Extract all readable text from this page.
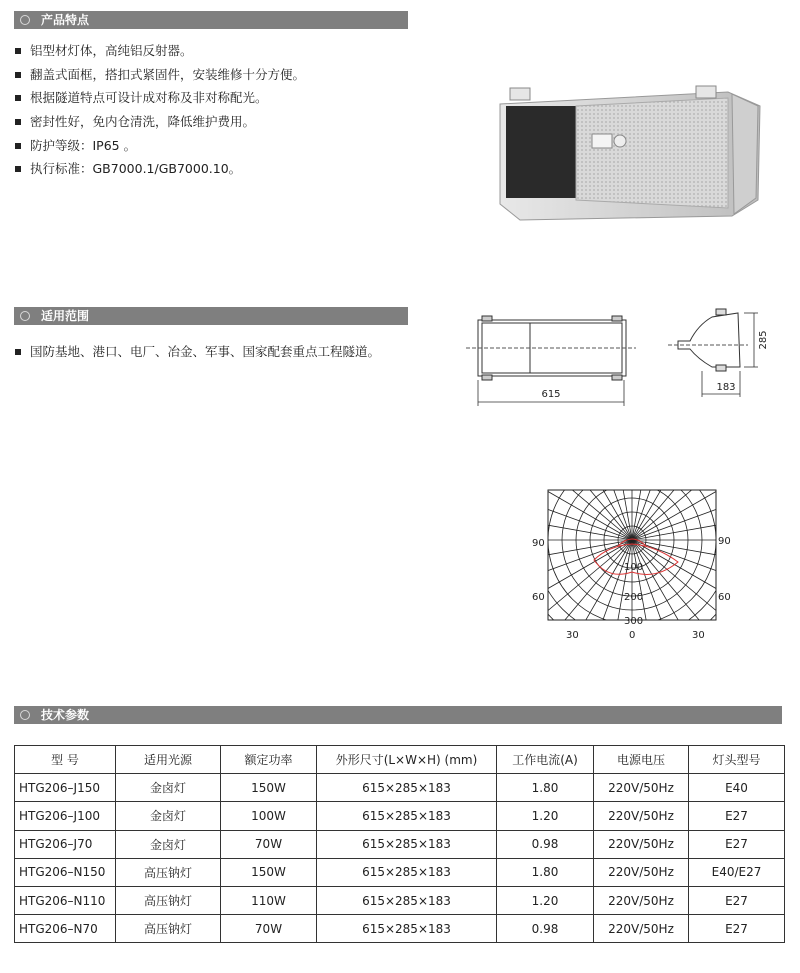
产品特点
铝型材灯体，高纯铝反射器。
翻盖式面框，搭扣式紧固件，安装维修十分方便。
根据隧道特点可设计成对称及非对称配光。
密封性好，免内仓清洗，降低维护费用。
防护等级：IP65 。
执行标准：GB7000.1/GB7000.10。
适用范围
国防基地、港口、电厂、冶金、军事、国家配套重点工程隧道。
615
285
183
90	90
60	60
30	0	30
100
200
300
技术参数
型 号	适用光源	额定功率	外形尺寸(L×W×H) (mm)	工作电流(A)	电源电压	灯头型号
HTG206–J150	金卤灯	150W	615×285×183	1.80	220V/50Hz	E40
HTG206–J100	金卤灯	100W	615×285×183	1.20	220V/50Hz	E27
HTG206–J70	金卤灯	70W	615×285×183	0.98	220V/50Hz	E27
HTG206–N150	高压钠灯	150W	615×285×183	1.80	220V/50Hz	E40/E27
HTG206–N110	高压钠灯	110W	615×285×183	1.20	220V/50Hz	E27
HTG206–N70	高压钠灯	70W	615×285×183	0.98	220V/50Hz	E27
